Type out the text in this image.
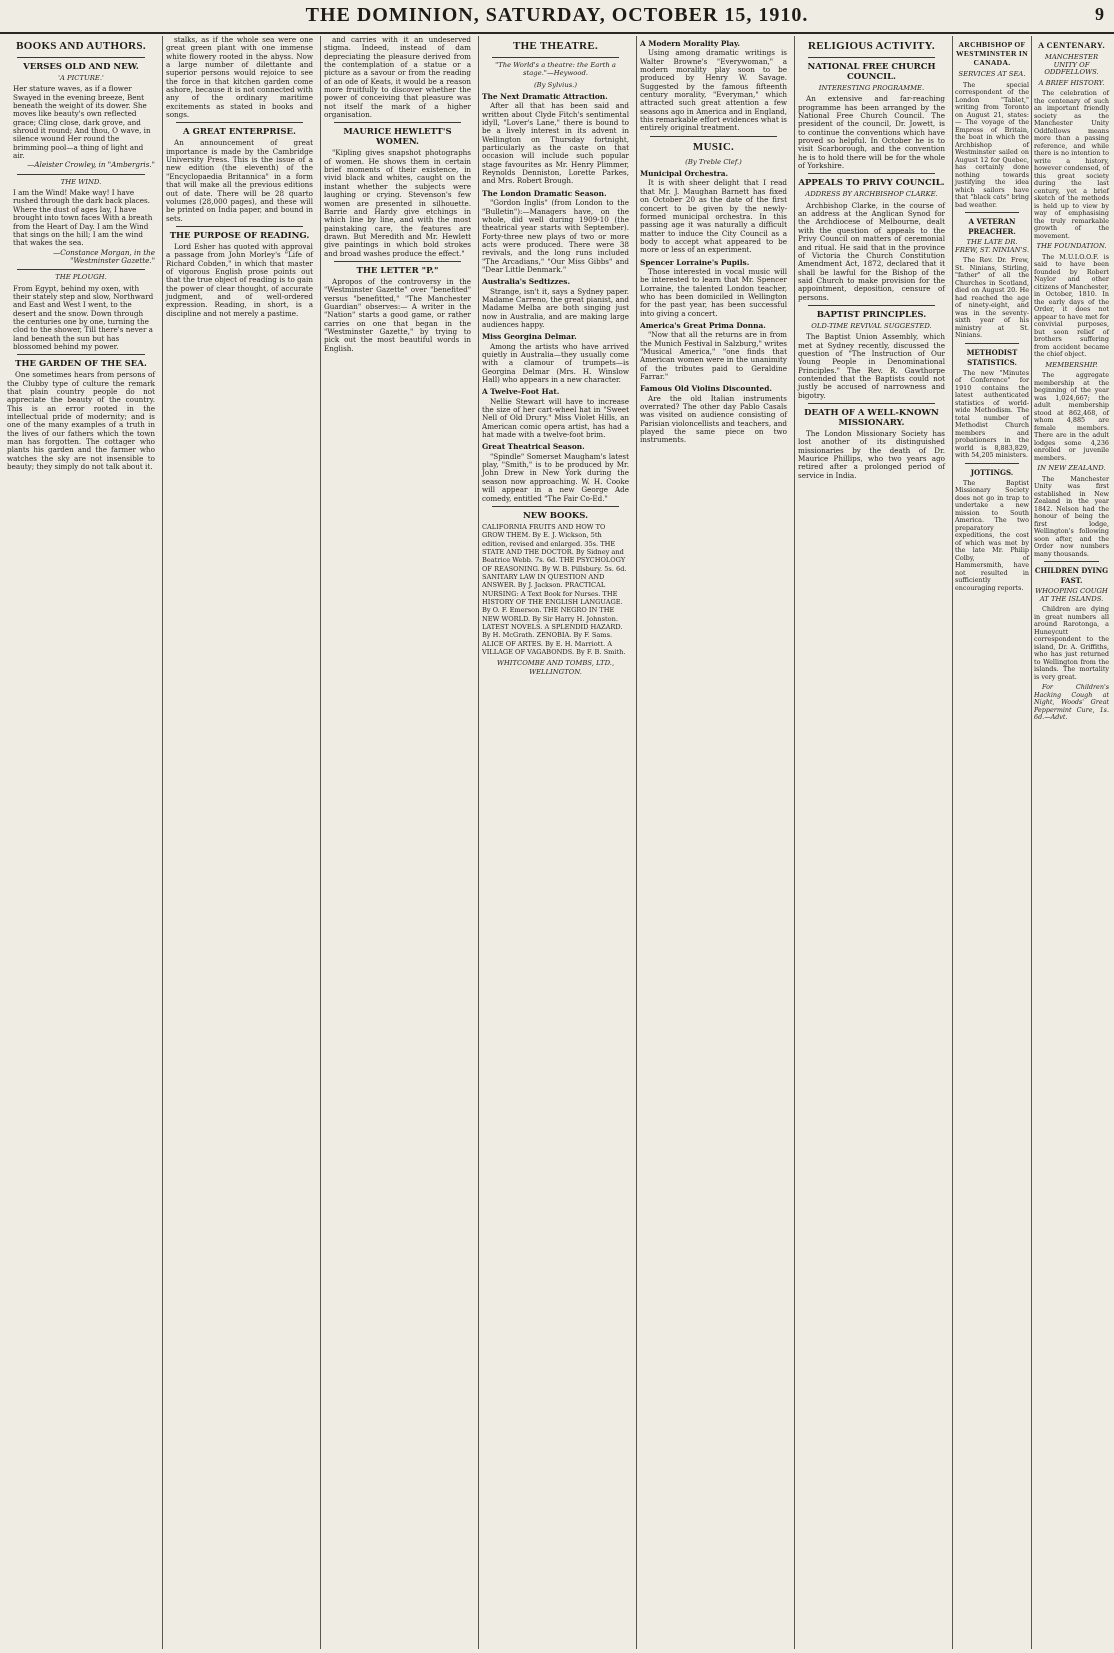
THE DOMINION, SATURDAY, OCTOBER 15, 1910.	9
BOOKS AND AUTHORS.
VERSES OLD AND NEW.
'A PICTURE.'
Her stature waves, as if a flower Swayed in the evening breeze, Bent beneath the weight of its dower. She moves like beauty's own reflected grace; Cling close, dark grove, and shroud it round; And thou, O wave, in silence wound Her round the brimming pool—a thing of light and air.
—Aleister Crowley, in "Ambergris."
THE WIND.
I am the Wind! Make way! I have rushed through the dark back places. Where the dust of ages lay, I have brought into town faces With a breath from the Heart of Day. I am the Wind that sings on the hill; I am the wind that wakes the sea.
—Constance Morgan, in the "Westminster Gazette."
THE PLOUGH.
From Egypt, behind my oxen, with their stately step and slow, Northward and East and West I went, to the desert and the snow. Down through the centuries one by one, turning the clod to the shower, Till there's never a land beneath the sun but has blossomed behind my power.
THE GARDEN OF THE SEA.
One sometimes hears from persons of the Clubby type of culture the remark that plain country people do not appreciate the beauty of the country. This is an error rooted in the intellectual pride of modernity; and is one of the many examples of a truth in the lives of our fathers which the town man has forgotten. The cottager who plants his garden and the farmer who watches the sky are not insensible to beauty; they simply do not talk about it.
stalks, as if the whole sea were one great green plant with one immense white flowery rooted in the abyss. Now a large number of dilettante and superior persons would rejoice to see the force in that kitchen garden come ashore, because it is not connected with any of the ordinary maritime excitements as stated in books and songs.
A GREAT ENTERPRISE.
An announcement of great importance is made by the Cambridge University Press. This is the issue of a new edition (the eleventh) of the "Encyclopaedia Britannica" in a form that will make all the previous editions out of date. There will be 28 quarto volumes (28,000 pages), and these will be printed on India paper, and bound in sets.
THE PURPOSE OF READING.
Lord Esher has quoted with approval a passage from John Morley's "Life of Richard Cobden," in which that master of vigorous English prose points out that the true object of reading is to gain the power of clear thought, of accurate judgment, and of well-ordered expression. Reading, in short, is a discipline and not merely a pastime.
and carries with it an undeserved stigma. Indeed, instead of dam depreciating the pleasure derived from the contemplation of a statue or a picture as a savour or from the reading of an ode of Keats, it would be a reason more fruitfully to discover whether the power of conceiving that pleasure was not itself the mark of a higher organisation.
MAURICE HEWLETT'S WOMEN.
"Kipling gives snapshot photographs of women. He shows them in certain brief moments of their existence, in vivid black and whites, caught on the instant whether the subjects were laughing or crying. Stevenson's few women are presented in silhouette. Barrie and Hardy give etchings in which line by line, and with the most painstaking care, the features are drawn. But Meredith and Mr. Hewlett give paintings in which bold strokes and broad washes produce the effect."
THE LETTER "P."
Apropos of the controversy in the "Westminster Gazette" over "benefited" versus "benefitted," "The Manchester Guardian" observes:— A writer in the "Nation" starts a good game, or rather carries on one that began in the "Westminster Gazette," by trying to pick out the most beautiful words in English.
THE THEATRE.
"The World's a theatre: the Earth a stage."—Heywood.
(By Sylvius.)
The Next Dramatic Attraction.
After all that has been said and written about Clyde Fitch's sentimental idyll, "Lover's Lane," there is bound to be a lively interest in its advent in Wellington on Thursday fortnight, particularly as the caste on that occasion will include such popular stage favourites as Mr. Henry Plimmer, Reynolds Denniston, Lorette Parkes, and Mrs. Robert Brough.
The London Dramatic Season.
"Gordon Inglis" (from London to the "Bulletin"):—Managers have, on the whole, did well during 1909-10 (the theatrical year starts with September). Forty-three new plays of two or more acts were produced. There were 38 revivals, and the long runs included "The Arcadians," "Our Miss Gibbs" and "Dear Little Denmark."
Australia's Sedtizzes.
Strange, isn't it, says a Sydney paper. Madame Carreno, the great pianist, and Madame Melba are both singing just now in Australia, and are making large audiences happy.
Miss Georgina Delmar.
Among the artists who have arrived quietly in Australia—they usually come with a clamour of trumpets—is Georgina Delmar (Mrs. H. Winslow Hall) who appears in a new character.
A Twelve-Foot Hat.
Nellie Stewart will have to increase the size of her cart-wheel hat in "Sweet Nell of Old Drury." Miss Violet Hills, an American comic opera artist, has had a hat made with a twelve-foot brim.
Great Theatrical Season.
"Spindle" Somerset Maugham's latest play, "Smith," is to be produced by Mr. John Drew in New York during the season now approaching. W. H. Cooke will appear in a new George Ade comedy, entitled "The Fair Co-Ed."
NEW BOOKS.
CALIFORNIA FRUITS AND HOW TO GROW THEM. By E. J. Wickson, 5th edition, revised and enlarged. 35s. THE STATE AND THE DOCTOR. By Sidney and Beatrice Webb. 7s. 6d. THE PSYCHOLOGY OF REASONING. By W. B. Pillsbury. 5s. 6d. SANITARY LAW IN QUESTION AND ANSWER. By J. Jackson. PRACTICAL NURSING: A Text Book for Nurses. THE HISTORY OF THE ENGLISH LANGUAGE. By O. F. Emerson. THE NEGRO IN THE NEW WORLD. By Sir Harry H. Johnston. LATEST NOVELS. A SPLENDID HAZARD. By H. McGrath. ZENOBIA. By F. Sams. ALICE OF ARTES. By E. H. Marriott. A VILLAGE OF VAGABONDS. By F. B. Smith.
WHITCOMBE AND TOMBS, LTD., WELLINGTON.
A Modern Morality Play.
Using among dramatic writings is Walter Browne's "Everywoman," a modern morality play soon to be produced by Henry W. Savage. Suggested by the famous fifteenth century morality, "Everyman," which attracted such great attention a few seasons ago in America and in England, this remarkable effort evidences what is entirely original treatment.
MUSIC.
(By Treble Clef.)
Municipal Orchestra.
It is with sheer delight that I read that Mr. J. Maughan Barnett has fixed on October 20 as the date of the first concert to be given by the newly-formed municipal orchestra. In this passing age it was naturally a difficult matter to induce the City Council as a body to accept what appeared to be more or less of an experiment.
Spencer Lorraine's Pupils.
Those interested in vocal music will be interested to learn that Mr. Spencer Lorraine, the talented London teacher, who has been domiciled in Wellington for the past year, has been successful into giving a concert.
America's Great Prima Donna.
"Now that all the returns are in from the Munich Festival in Salzburg," writes "Musical America," "one finds that American women were in the unanimity of the tributes paid to Geraldine Farrar."
Famous Old Violins Discounted.
Are the old Italian instruments overrated? The other day Pablo Casals was visited on audience consisting of Parisian violoncellists and teachers, and played the same piece on two instruments.
RELIGIOUS ACTIVITY.
NATIONAL FREE CHURCH COUNCIL.
INTERESTING PROGRAMME.
An extensive and far-reaching programme has been arranged by the National Free Church Council. The president of the council, Dr. Jowett, is to continue the conventions which have proved so helpful. In October he is to visit Scarborough, and the convention he is to hold there will be for the whole of Yorkshire.
APPEALS TO PRIVY COUNCIL.
ADDRESS BY ARCHBISHOP CLARKE.
Archbishop Clarke, in the course of an address at the Anglican Synod for the Archdiocese of Melbourne, dealt with the question of appeals to the Privy Council on matters of ceremonial and ritual. He said that in the province of Victoria the Church Constitution Amendment Act, 1872, declared that it shall be lawful for the Bishop of the said Church to make provision for the appointment, deposition, censure of persons.
BAPTIST PRINCIPLES.
OLD-TIME REVIVAL SUGGESTED.
The Baptist Union Assembly, which met at Sydney recently, discussed the question of "The Instruction of Our Young People in Denominational Principles." The Rev. R. Gawthorpe contended that the Baptists could not justly be accused of narrowness and bigotry.
DEATH OF A WELL-KNOWN MISSIONARY.
The London Missionary Society has lost another of its distinguished missionaries by the death of Dr. Maurice Phillips, who two years ago retired after a prolonged period of service in India.
ARCHBISHOP OF WESTMINSTER IN CANADA.
SERVICES AT SEA.
The special correspondent of the London "Tablet," writing from Toronto on August 21, states:— The voyage of the Empress of Britain, the boat in which the Archbishop of Westminster sailed on August 12 for Quebec, has certainly done nothing towards justifying the idea which sailors have that "black cats" bring bad weather.
A VETERAN PREACHER.
THE LATE DR. FREW, ST. NINIAN'S.
The Rev. Dr. Frew, St. Ninians, Stirling, "father" of all the Churches in Scotland, died on August 20. He had reached the age of ninety-eight, and was in the seventy-sixth year of his ministry at St. Ninians.
METHODIST STATISTICS.
The new "Minutes of Conference" for 1910 contains the latest authenticated statistics of world-wide Methodism. The total number of Methodist Church members and probationers in the world is 8,883,829, with 54,205 ministers.
JOTTINGS.
The Baptist Missionary Society does not go in trap to undertake a new mission to South America. The two preparatory expeditions, the cost of which was met by the late Mr. Philip Colby, of Hammersmith, have not resulted in sufficiently encouraging reports.
A CENTENARY.
MANCHESTER UNITY OF ODDFELLOWS.
A BRIEF HISTORY.
The celebration of the centenary of such an important friendly society as the Manchester Unity Oddfellows means more than a passing reference, and while there is no intention to write a history, however condensed, of this great society during the last century, yet a brief sketch of the methods is held up to view by way of emphasising the truly remarkable growth of the movement.
THE FOUNDATION.
The M.U.I.O.O.F. is said to have been founded by Robert Naylor and other citizens of Manchester, in October, 1810. In the early days of the Order, it does not appear to have met for convivial purposes, but soon relief of brothers suffering from accident became the chief object.
MEMBERSHIP.
The aggregate membership at the beginning of the year was 1,024,667; the adult membership stood at 862,468, of whom 4,885 are female members. There are in the adult lodges some 4,236 enrolled or juvenile members.
IN NEW ZEALAND.
The Manchester Unity was first established in New Zealand in the year 1842. Nelson had the honour of being the first lodge, Wellington's following soon after, and the Order now numbers many thousands.
CHILDREN DYING FAST.
WHOOPING COUGH AT THE ISLANDS.
Children are dying in great numbers all around Rarotonga, a Huneycutt correspondent to the island, Dr. A. Griffiths, who has just returned to Wellington from the islands. The mortality is very great.
For Children's Hacking Cough at Night, Woods' Great Peppermint Cure, 1s. 6d.—Advt.
